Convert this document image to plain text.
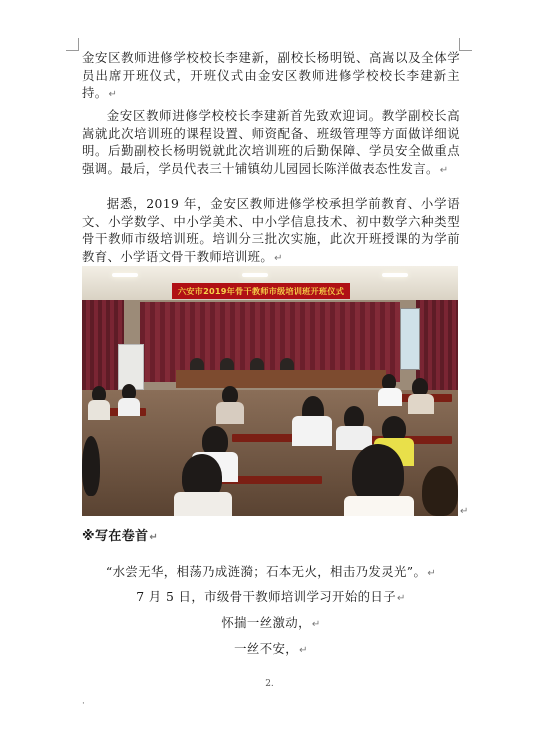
金安区教师进修学校校长李建新，副校长杨明锐、高嵩以及全体学员出席开班仪式，开班仪式由金安区教师进修学校校长李建新主持。↵

金安区教师进修学校校长李建新首先致欢迎词。教学副校长高嵩就此次培训班的课程设置、师资配备、班级管理等方面做详细说明。后勤副校长杨明锐就此次培训班的后勤保障、学员安全做重点强调。最后，学员代表三十铺镇幼儿园园长陈洋做表态性发言。↵

据悉，2019 年，金安区教师进修学校承担学前教育、小学语文、小学数学、中小学美术、中小学信息技术、初中数学六种类型骨干教师市级培训班。培训分三批次实施，此次开班授课的为学前教育、小学语文骨干教师培训班。↵

六安市2019年骨干教师市级培训班开班仪式
↵
※写在卷首↵

“水尝无华，相荡乃成涟漪；石本无火，相击乃发灵光”。↵

7 月 5 日，市级骨干教师培训学习开始的日子↵

怀揣一丝激动，↵

一丝不安，↵

2.
·
